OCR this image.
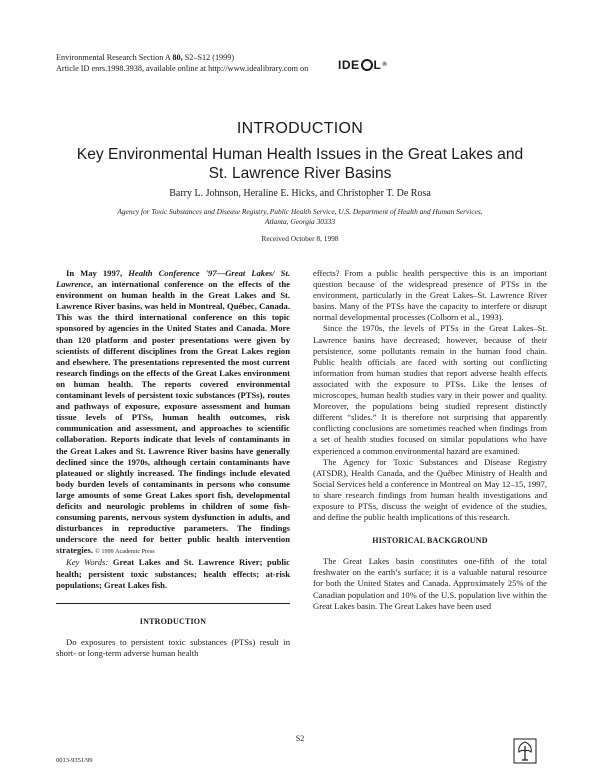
Environmental Research Section A 80, S2–S12 (1999)
Article ID enrs.1998.3938, available online at http://www.idealibrary.com on ID E L ®
INTRODUCTION
Key Environmental Human Health Issues in the Great Lakes and
St. Lawrence River Basins
Barry L. Johnson, Heraline E. Hicks, and Christopher T. De Rosa
Agency for Toxic Substances and Disease Registry, Public Health Service, U.S. Department of Health and Human Services,
Atlanta, Georgia 30333
Received October 8, 1998

In May 1997, Health Conference '97—Great Lakes/ St. Lawrence, an international conference on the effects of the environment on human health in the Great Lakes and St. Lawrence River basins, was held in Montreal, Québec, Canada. This was the third international conference on this topic sponsored by agencies in the United States and Canada. More than 120 platform and poster presentations were given by scientists of different disciplines from the Great Lakes region and elsewhere. The presentations represented the most current research findings on the effects of the Great Lakes environment on human health. The reports covered environmental contaminant levels of persistent toxic substances (PTSs), routes and pathways of exposure, exposure assessment and human tissue levels of PTSs, human health outcomes, risk communication and assessment, and approaches to scientific collaboration. Reports indicate that levels of contaminants in the Great Lakes and St. Lawrence River basins have generally declined since the 1970s, although certain contaminants have plateaued or slightly increased. The findings include elevated body burden levels of contaminants in persons who consume large amounts of some Great Lakes sport fish, developmental deficits and neurologic problems in children of some fish-consuming parents, nervous system dysfunction in adults, and disturbances in reproductive parameters. The findings underscore the need for better public health intervention strategies. © 1999 Academic Press

Key Words: Great Lakes and St. Lawrence River; public health; persistent toxic substances; health effects; at-risk populations; Great Lakes fish.

INTRODUCTION

Do exposures to persistent toxic substances (PTSs) result in short- or long-term adverse human health

effects? From a public health perspective this is an important question because of the widespread presence of PTSs in the environment, particularly in the Great Lakes–St. Lawrence River basins. Many of the PTSs have the capacity to interfere or disrupt normal developmental processes (Colborn et al., 1993).

Since the 1970s, the levels of PTSs in the Great Lakes–St. Lawrence basins have decreased; however, because of their persistence, some pollutants remain in the human food chain. Public health officials are faced with sorting out conflicting information from human studies that report adverse health effects associated with the exposure to PTSs. Like the lenses of microscopes, human health studies vary in their power and quality. Moreover, the populations being studied represent distinctly different “slides.” It is therefore not surprising that apparently conflicting conclusions are sometimes reached when findings from a set of health studies focused on similar populations who have experienced a common environmental hazard are examined.

The Agency for Toxic Substances and Disease Registry (ATSDR), Health Canada, and the Québec Ministry of Health and Social Services held a conference in Montreal on May 12–15, 1997, to share research findings from human health investigations and exposure to PTSs, discuss the weight of evidence of the studies, and define the public health implications of this research.

HISTORICAL BACKGROUND

The Great Lakes basin constitutes one-fifth of the total freshwater on the earth’s surface; it is a valuable natural resource for both the United States and Canada. Approximately 25% of the Canadian population and 10% of the U.S. population live within the Great Lakes basin. The Great Lakes have been used

S2
0013-9351/99
